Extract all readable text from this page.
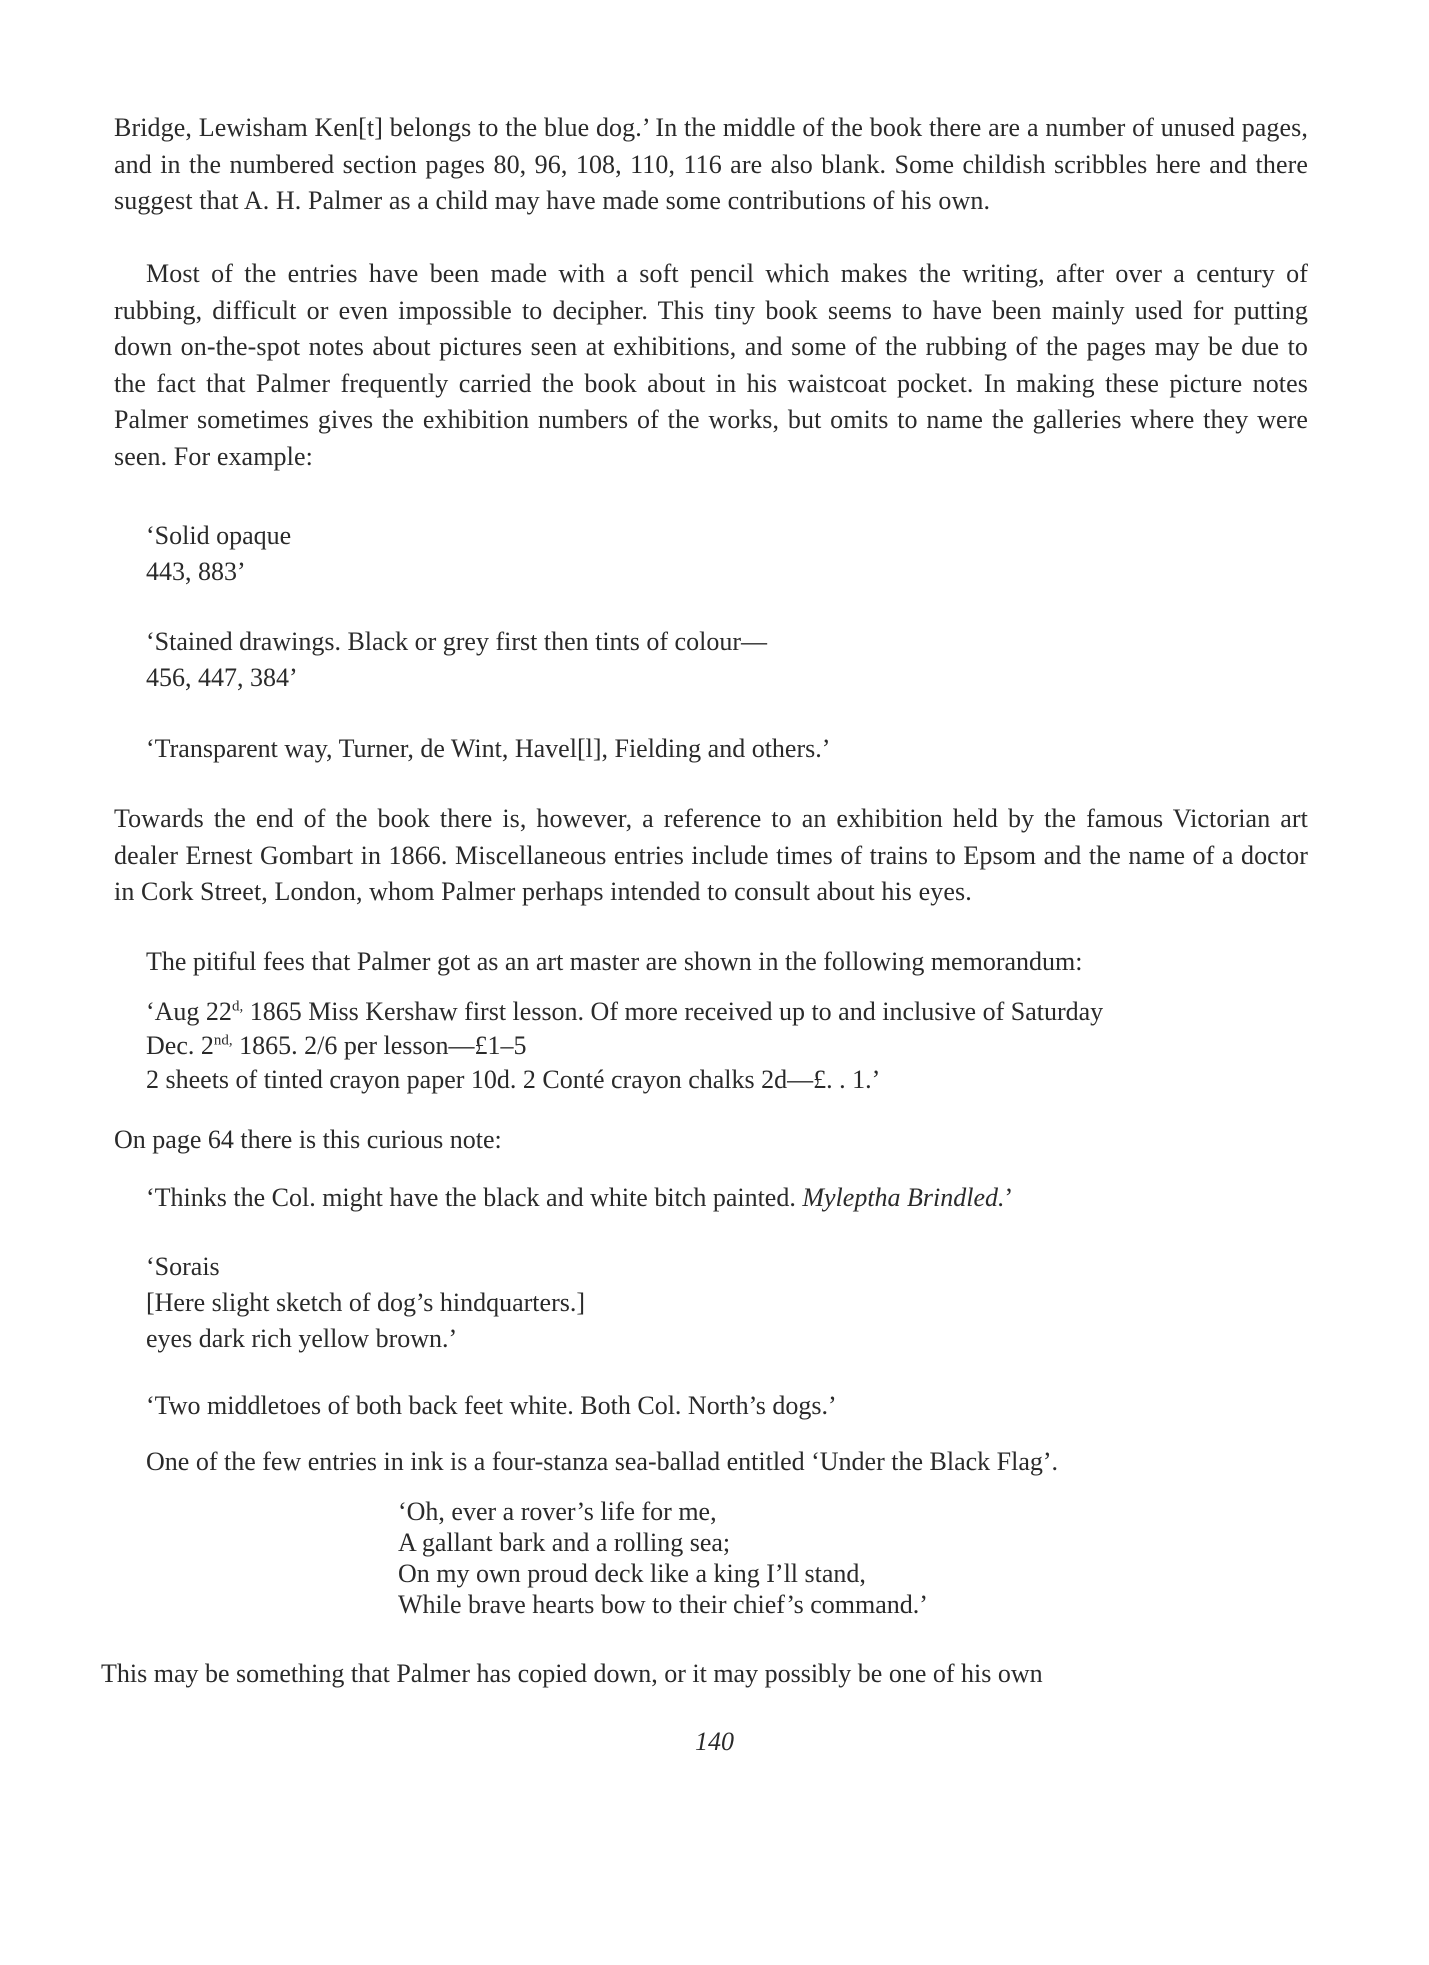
Bridge, Lewisham Ken[t] belongs to the blue dog.’ In the middle of the book there are a number of unused pages, and in the numbered section pages 80, 96, 108, 110, 116 are also blank. Some childish scribbles here and there suggest that A. H. Palmer as a child may have made some contributions of his own.

Most of the entries have been made with a soft pencil which makes the writing, after over a century of rubbing, difficult or even impossible to decipher. This tiny book seems to have been mainly used for putting down on-the-spot notes about pictures seen at exhibitions, and some of the rubbing of the pages may be due to the fact that Palmer frequently carried the book about in his waistcoat pocket. In making these picture notes Palmer sometimes gives the exhibition numbers of the works, but omits to name the galleries where they were seen. For example:

‘Solid opaque
443, 883’
‘Stained drawings. Black or grey first then tints of colour—
456, 447, 384’

‘Transparent way, Turner, de Wint, Havel[l], Fielding and others.’

Towards the end of the book there is, however, a reference to an exhibition held by the famous Victorian art dealer Ernest Gombart in 1866. Miscellaneous entries include times of trains to Epsom and the name of a doctor in Cork Street, London, whom Palmer perhaps intended to consult about his eyes.

The pitiful fees that Palmer got as an art master are shown in the following memorandum:

‘Aug $22^{d,}$ 1865 Miss Kershaw first lesson. Of more received up to and inclusive of Saturday
Dec. $2^{nd,}$ 1865. 2/6 per lesson—£1–5
2 sheets of tinted crayon paper 10d. 2 Conté crayon chalks 2d—£. . 1.’

On page 64 there is this curious note:

‘Thinks the Col. might have the black and white bitch painted. Myleptha Brindled.’

‘Sorais
[Here slight sketch of dog’s hindquarters.]
eyes dark rich yellow brown.’

‘Two middletoes of both back feet white. Both Col. North’s dogs.’

One of the few entries in ink is a four-stanza sea-ballad entitled ‘Under the Black Flag’.

‘Oh, ever a rover’s life for me,
A gallant bark and a rolling sea;
On my own proud deck like a king I’ll stand,
While brave hearts bow to their chief’s command.’

This may be something that Palmer has copied down, or it may possibly be one of his own

140
